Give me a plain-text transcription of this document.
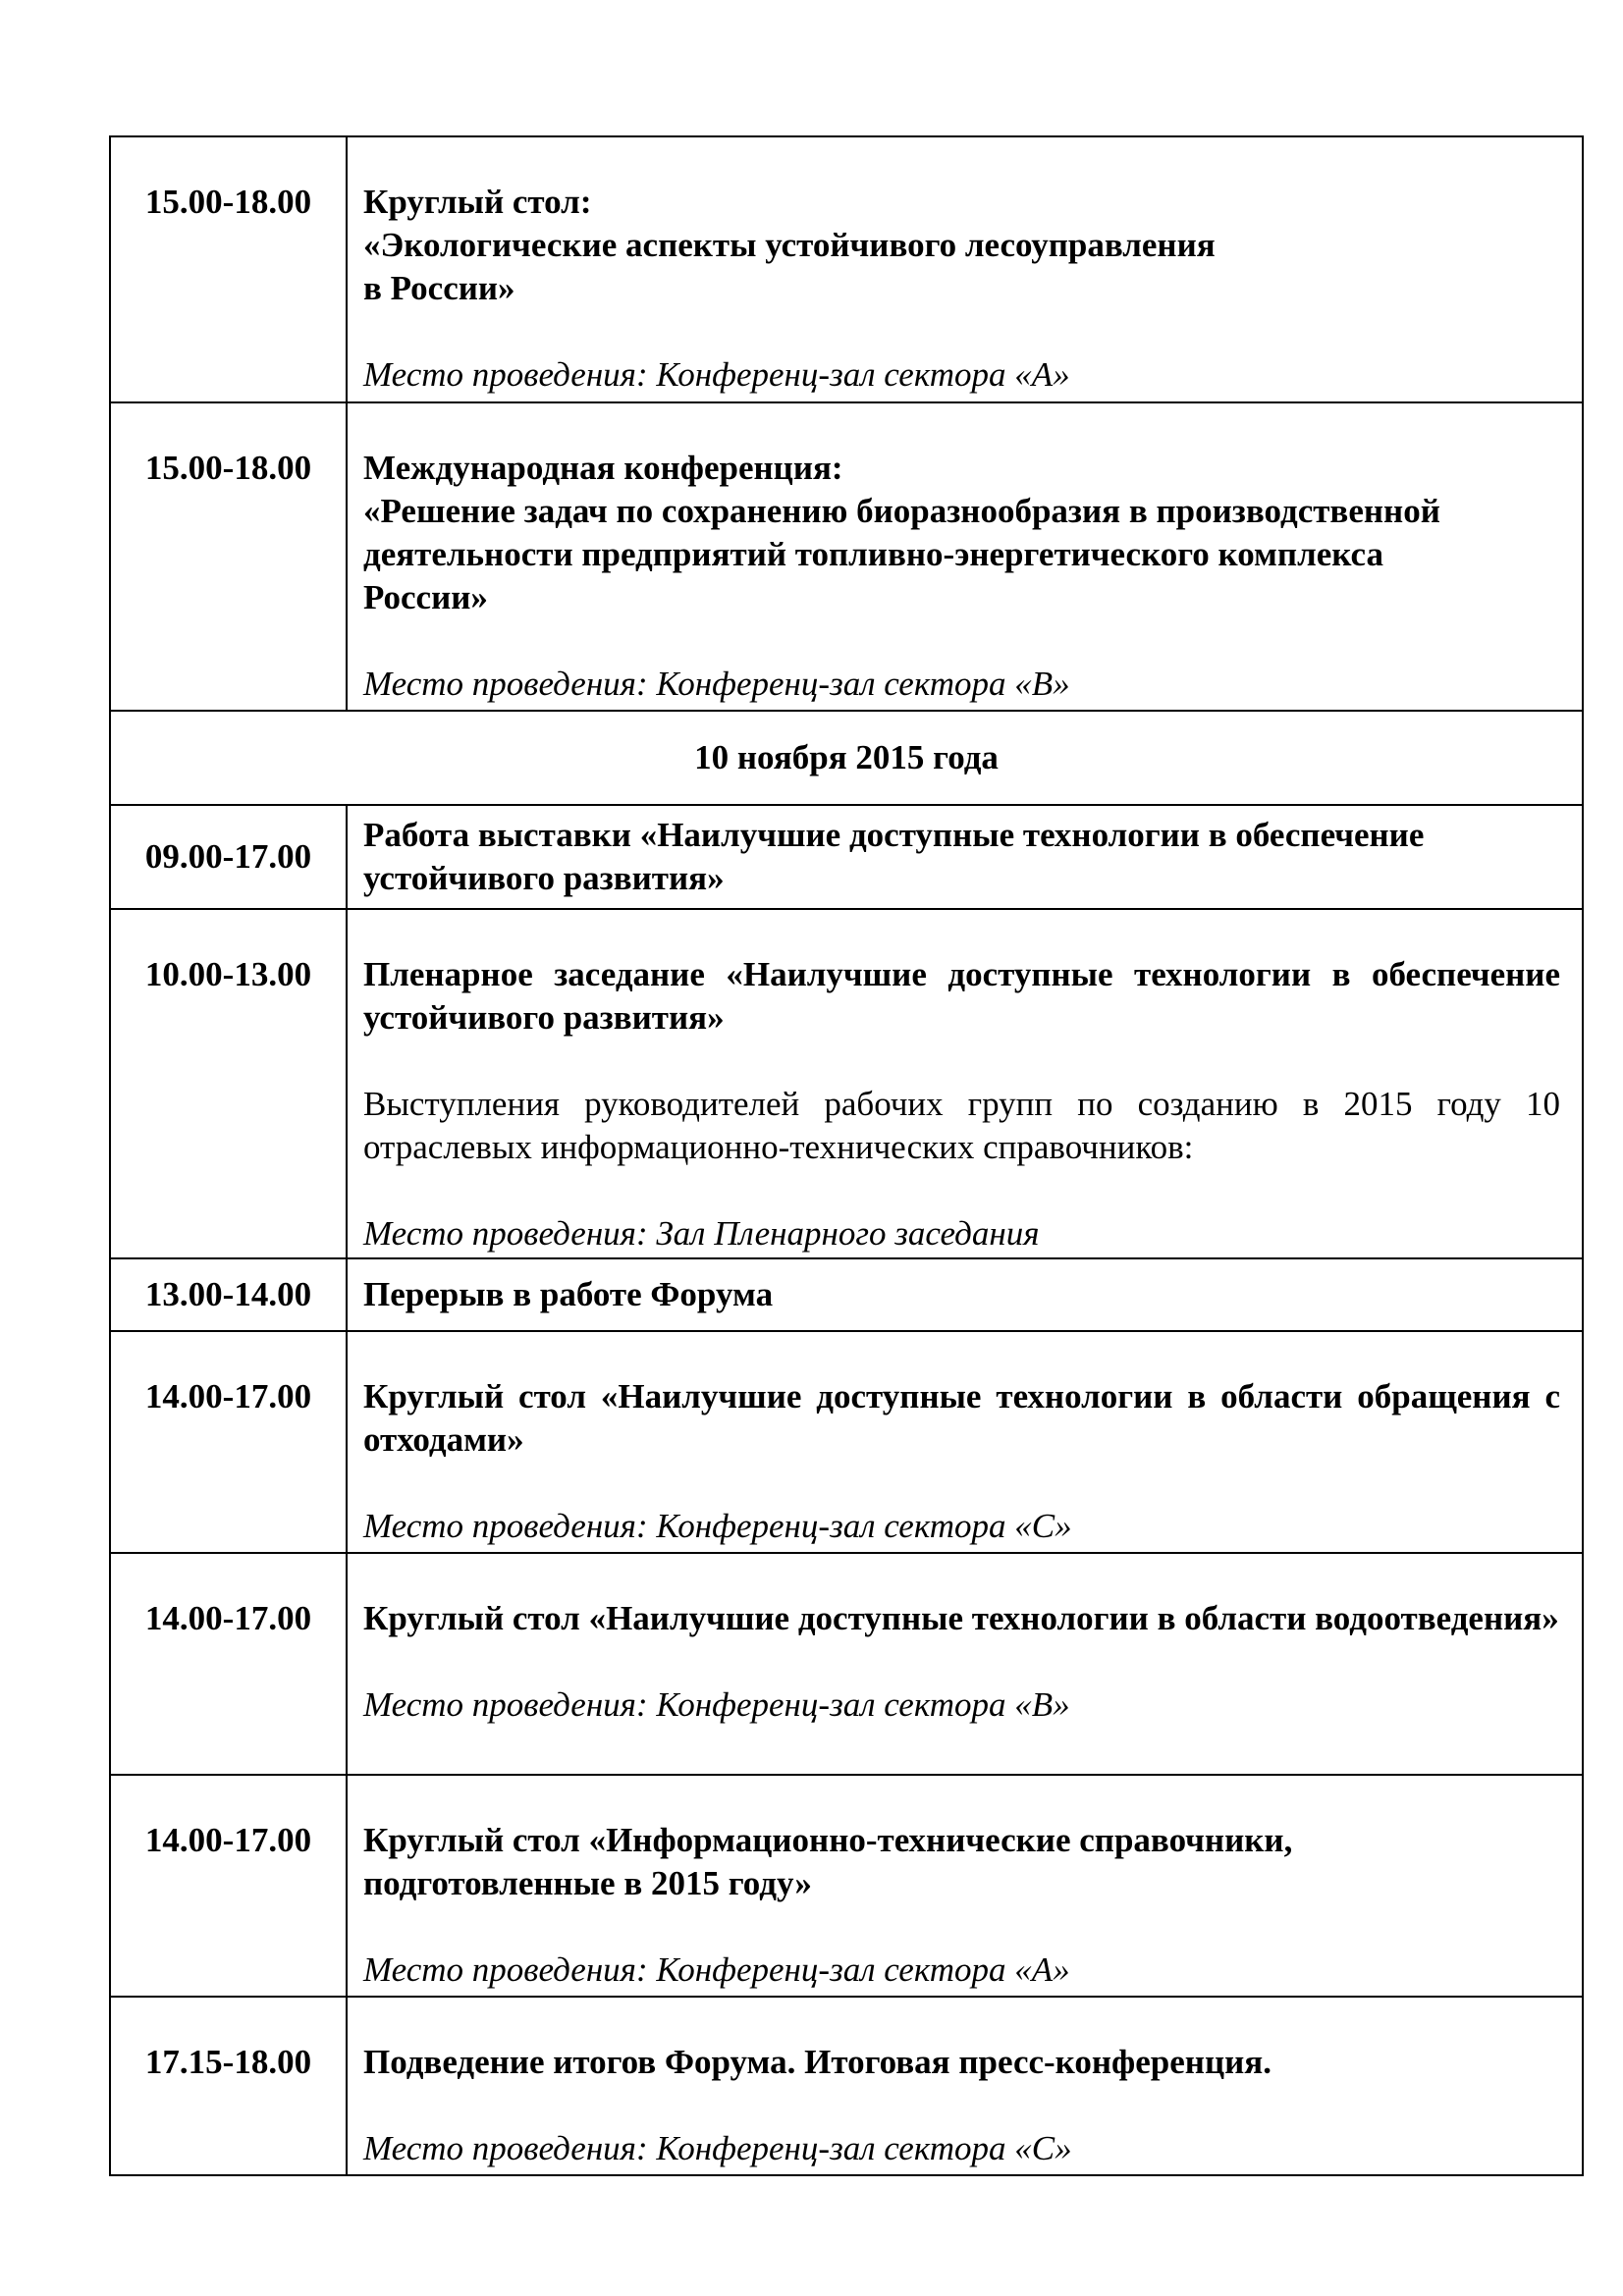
15.00-18.00	Круглый стол:
«Экологические аспекты устойчивого лесоуправления
в России»
Место проведения: Конференц-зал сектора «А»

15.00-18.00	Международная конференция:
«Решение задач по сохранению биоразнообразия в производственной
деятельности предприятий топливно-энергетического комплекса
России»
Место проведения: Конференц-зал сектора «В»

10 ноября 2015 года	

09.00-17.00	Работа выставки «Наилучшие доступные технологии в обеспечение устойчивого развития»

10.00-13.00	Пленарное заседание «Наилучшие доступные технологии в обеспечение устойчивого развития»
Выступления руководителей рабочих групп по созданию в 2015 году 10 отраслевых информационно-технических справочников:
Место проведения: Зал Пленарного заседания

13.00-14.00	Перерыв в работе Форума

14.00-17.00	Круглый стол «Наилучшие доступные технологии в области обращения с отходами»
Место проведения: Конференц-зал сектора «С»

14.00-17.00	Круглый стол «Наилучшие доступные технологии в области водоотведения»
Место проведения: Конференц-зал сектора «В»

14.00-17.00	Круглый стол «Информационно-технические справочники,
подготовленные в 2015 году»
Место проведения: Конференц-зал сектора «А»

17.15-18.00	Подведение итогов Форума. Итоговая пресс-конференция.
Место проведения: Конференц-зал сектора «С»
